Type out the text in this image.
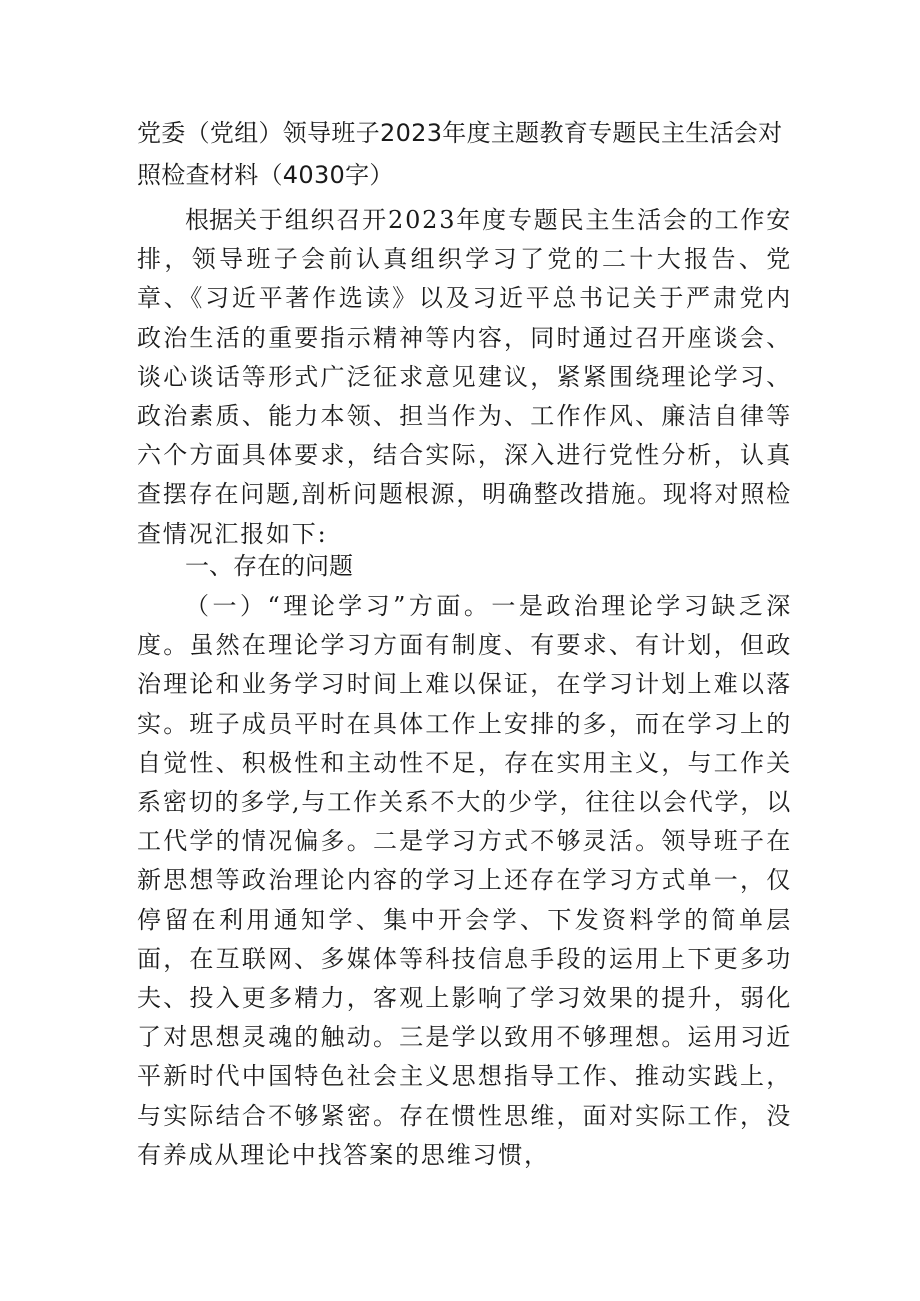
党委（党组）领导班子2023年度主题教育专题民主生活会对照检查材料（4030字）

根据关于组织召开2023年度专题民主生活会的工作安排，领导班子会前认真组织学习了党的二十大报告、党章、《习近平著作选读》以及习近平总书记关于严肃党内政治生活的重要指示精神等内容，同时通过召开座谈会、谈心谈话等形式广泛征求意见建议，紧紧围绕理论学习、政治素质、能力本领、担当作为、工作作风、廉洁自律等六个方面具体要求，结合实际，深入进行党性分析，认真查摆存在问题,剖析问题根源，明确整改措施。现将对照检查情况汇报如下:

一、存在的问题

（一）“理论学习”方面。一是政治理论学习缺乏深度。虽然在理论学习方面有制度、有要求、有计划，但政治理论和业务学习时间上难以保证，在学习计划上难以落实。班子成员平时在具体工作上安排的多，而在学习上的自觉性、积极性和主动性不足，存在实用主义，与工作关系密切的多学,与工作关系不大的少学，往往以会代学，以工代学的情况偏多。二是学习方式不够灵活。领导班子在新思想等政治理论内容的学习上还存在学习方式单一，仅停留在利用通知学、集中开会学、下发资料学的简单层面，在互联网、多媒体等科技信息手段的运用上下更多功夫、投入更多精力，客观上影响了学习效果的提升，弱化了对思想灵魂的触动。三是学以致用不够理想。运用习近平新时代中国特色社会主义思想指导工作、推动实践上，与实际结合不够紧密。存在惯性思维，面对实际工作，没有养成从理论中找答案的思维习惯，
